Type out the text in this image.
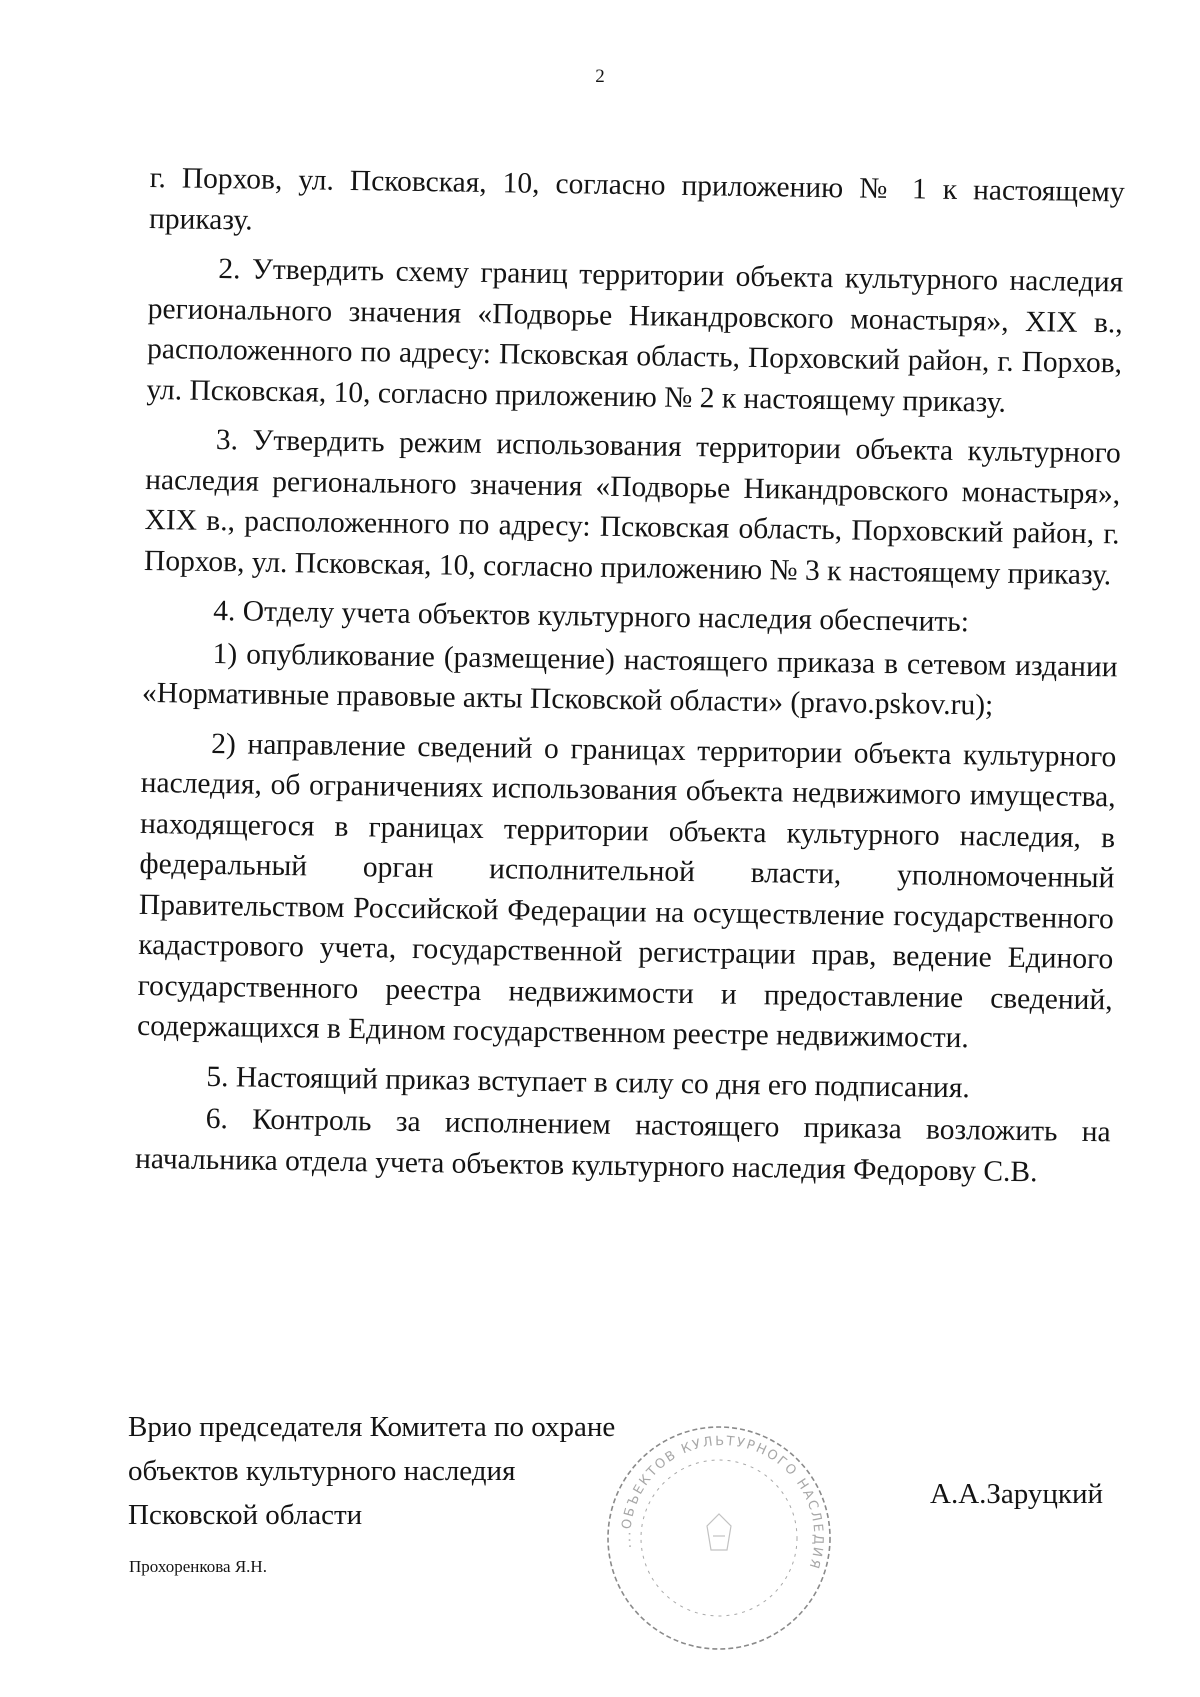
2

г. Порхов, ул. Псковская, 10, согласно приложению № 1 к настоящему приказу.

2. Утвердить схему границ территории объекта культурного наследия регионального значения «Подворье Никандровского монастыря», XIX в., расположенного по адресу: Псковская область, Порховский район, г. Порхов, ул. Псковская, 10, согласно приложению № 2 к настоящему приказу.

3. Утвердить режим использования территории объекта культурного наследия регионального значения «Подворье Никандровского монастыря», XIX в., расположенного по адресу: Псковская область, Порховский район, г. Порхов, ул. Псковская, 10, согласно приложению № 3 к настоящему приказу.

4. Отделу учета объектов культурного наследия обеспечить:

1) опубликование (размещение) настоящего приказа в сетевом издании «Нормативные правовые акты Псковской области» (pravo.pskov.ru);

2) направление сведений о границах территории объекта культурного наследия, об ограничениях использования объекта недвижимого имущества, находящегося в границах территории объекта культурного наследия, в федеральный орган исполнительной власти, уполномоченный Правительством Российской Федерации на осуществление государственного кадастрового учета, государственной регистрации прав, ведение Единого государственного реестра недвижимости и предоставление сведений, содержащихся в Едином государственном реестре недвижимости.

5. Настоящий приказ вступает в силу со дня его подписания.

6. Контроль за исполнением настоящего приказа возложить на начальника отдела учета объектов культурного наследия Федорову С.В.

Врио председателя Комитета по охране
объектов культурного наследия
Псковской области
...ОБЪЕКТОВ КУЛЬТУРНОГО НАСЛЕДИЯ
А.А.Заруцкий
Прохоренкова Я.Н.
